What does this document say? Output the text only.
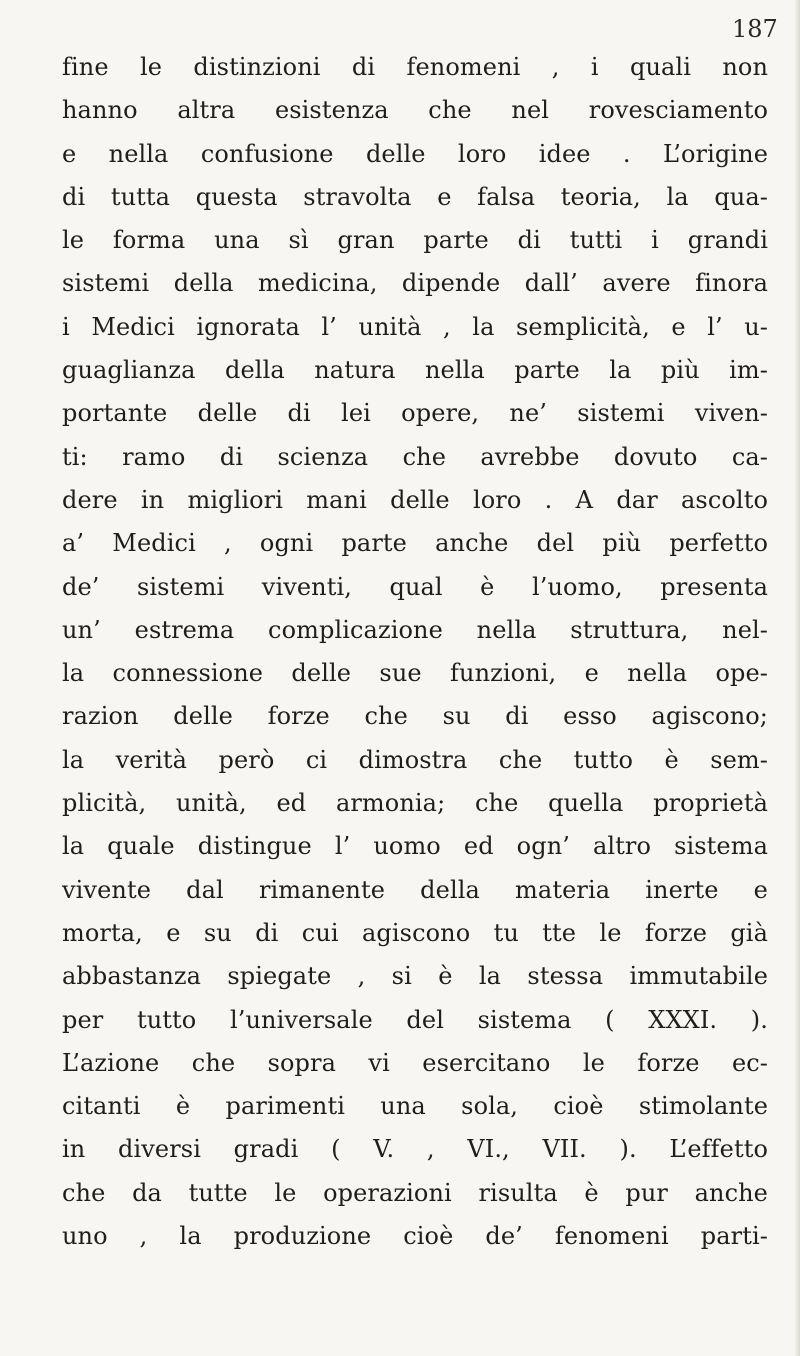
187
fine le distinzioni di fenomeni , i quali non
hanno altra esistenza che nel rovesciamento
e nella confusione delle loro idee . L’origine
di tutta questa stravolta e falsa teoria, la qua-
le forma una sì gran parte di tutti i grandi
sistemi della medicina, dipende dall’ avere finora
i Medici ignorata l’ unità , la semplicità, e l’ u-
guaglianza della natura nella parte la più im-
portante delle di lei opere, ne’ sistemi viven-
ti: ramo di scienza che avrebbe dovuto ca-
dere in migliori mani delle loro . A dar ascolto
a’ Medici , ogni parte anche del più perfetto
de’ sistemi viventi, qual è l’uomo, presenta
un’ estrema complicazione nella struttura, nel-
la connessione delle sue funzioni, e nella ope-
razion delle forze che su di esso agiscono;
la verità però ci dimostra che tutto è sem-
plicità, unità, ed armonia; che quella proprietà
la quale distingue l’ uomo ed ogn’ altro sistema
vivente dal rimanente della materia inerte e
morta, e su di cui agiscono tu tte le forze già
abbastanza spiegate , si è la stessa immutabile
per tutto l’universale del sistema ( XXXI. ).
L’azione che sopra vi esercitano le forze ec-
citanti è parimenti una sola, cioè stimolante
in diversi gradi ( V. , VI., VII. ). L’effetto
che da tutte le operazioni risulta è pur anche
uno , la produzione cioè de’ fenomeni parti-
